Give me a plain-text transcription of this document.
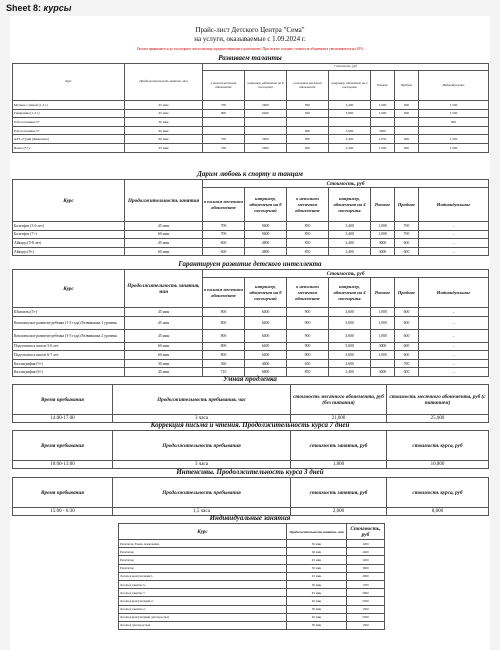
Sheet 8: курсы
Прайс-лист Детского Центра "Сема"
на услуги, оказываемые с 1.09.2024 г.
Оплата принимается до последнего числа месяца, предшествующего расчетному. При оплате позднее стоимость абонемента увеличивается на 10%
Развиваем таланты
Курс	Продолжительность занятия, мин	Стоимость, руб						
		в полном месячном абонементе	например, абонемент на 8 посещений	в неполном месячном абонементе	например, абонемент на 4 посещения	Разовое	Пробное	Индивидуальное
Музыка с мамой (1-3 г)	45 мин	700	5600	850	3,400	1,000	600	1,500
Гимарника (1-3 г)	45 мин	800	6400	950	3,800	1,000	600	1,500
Робототехника 5+	30 мин							900
Робототехника 5+	60 мин			900	3,600	5000		
АРТ-студия (Живопись)	60 мин	700	5600	850	3,400	1,050	600	1,500
Вокал (5+)	45 мин	700	5600	850	3,400	1,000	600	1,500
Дарим любовь к спорту и танцам
Курс	Продолжительность занятия	Стоимость, руб						
		в полном месячном абонементе	например, абонемент на 8 посещений	в неполном месячном абонементе	например, абонемент на 4 посещения	Разовое	Пробное	Индивидуальное
Балетфит (3-6 лет)	45 мин	700	5600	850	3,400	1,000	700	–
Балетфит (7+)	60 мин	700	5600	850	3,400	1,000	700	–
Айкидо (5-8 лет)	45 мин	600	4800	850	3,400	3000	600	–
Айкидо (9+)	60 мин	600	4800	850	3,400	3000	600	–
Гарантируем развитие детского интеллекта
Курс	Продолжительность занятия, мин	Стоимость, руб						
		в полном месячном абонементе	например, абонемент на 8 посещений	в неполном месячном абонементе	например, абонемент на 4 посещения	Разовое	Пробное	Индивидуальное
Шахматы (5+)	45 мин	800	6400	900	3,600	1,000	600	–
Комплексное развитие ребенка (1-3 года) Развивашка 1 уровень	45 мин	800	6400	900	3,600	1,000	600	–
Комплексное развитие ребенка (3-5 года) Развивашка 2 уровень	45 мин	800	6400	900	3,600	1,000	600	–
Подготовка к школе 5-6 лет	60 мин	800	6400	900	3,600	3000	600	–
Подготовка к школе 6-7 лет	60 мин	800	6400	900	3,600	1,000	600	–
Каллиграфия (5+)	30 мин	560	4600	650	2,600		700	–
Каллиграфия (6+)	45 мин	710	6800	850	3,400	3000	600	–
Умная продленка
Время пребывания	Продолжительность пребывания, час	стоимость месячного абонемента, руб (без питания)	стоимость месячного абонемента, руб (с питанием)
14.00-17.00	3 часа	21,000	25,000
Коррекция письма и чтения. Продолжительность курса 7 дней
Время пребывания	Продолжительность пребывания	стоимость занятия, руб	стоимость курса, руб
10:00-13:00	3 часа	1,800	10,800
Интенсивы. Продолжительность курса 3 дней
Время пребывания	Продолжительность пребывания	стоимость занятия, руб	стоимость курса, руб
15:00 - 6:30	1,5 часа	2,000	8,000
Индивидуальные занятия
Курс	Продолжительность занятия, мин	Стоимость, руб
Репетитор Елена Алексеевна	30 мин	1200
Репетитор	60 мин	2400
Репетитор	45 мин	1200
Репетитор	30 мин	3000
Логопед консультация 1-	45 мин	2000
Логопед занятие 5-	30 мин	1700
Логопед занятие 7-	45 мин	2000
Логопед консультация 2-	40 мин	2500
Логопед занятие 2-	30 мин	1500
Логопед консультация для взрослых	40 мин	2500
Логопед для взрослых	30 мин	1500
